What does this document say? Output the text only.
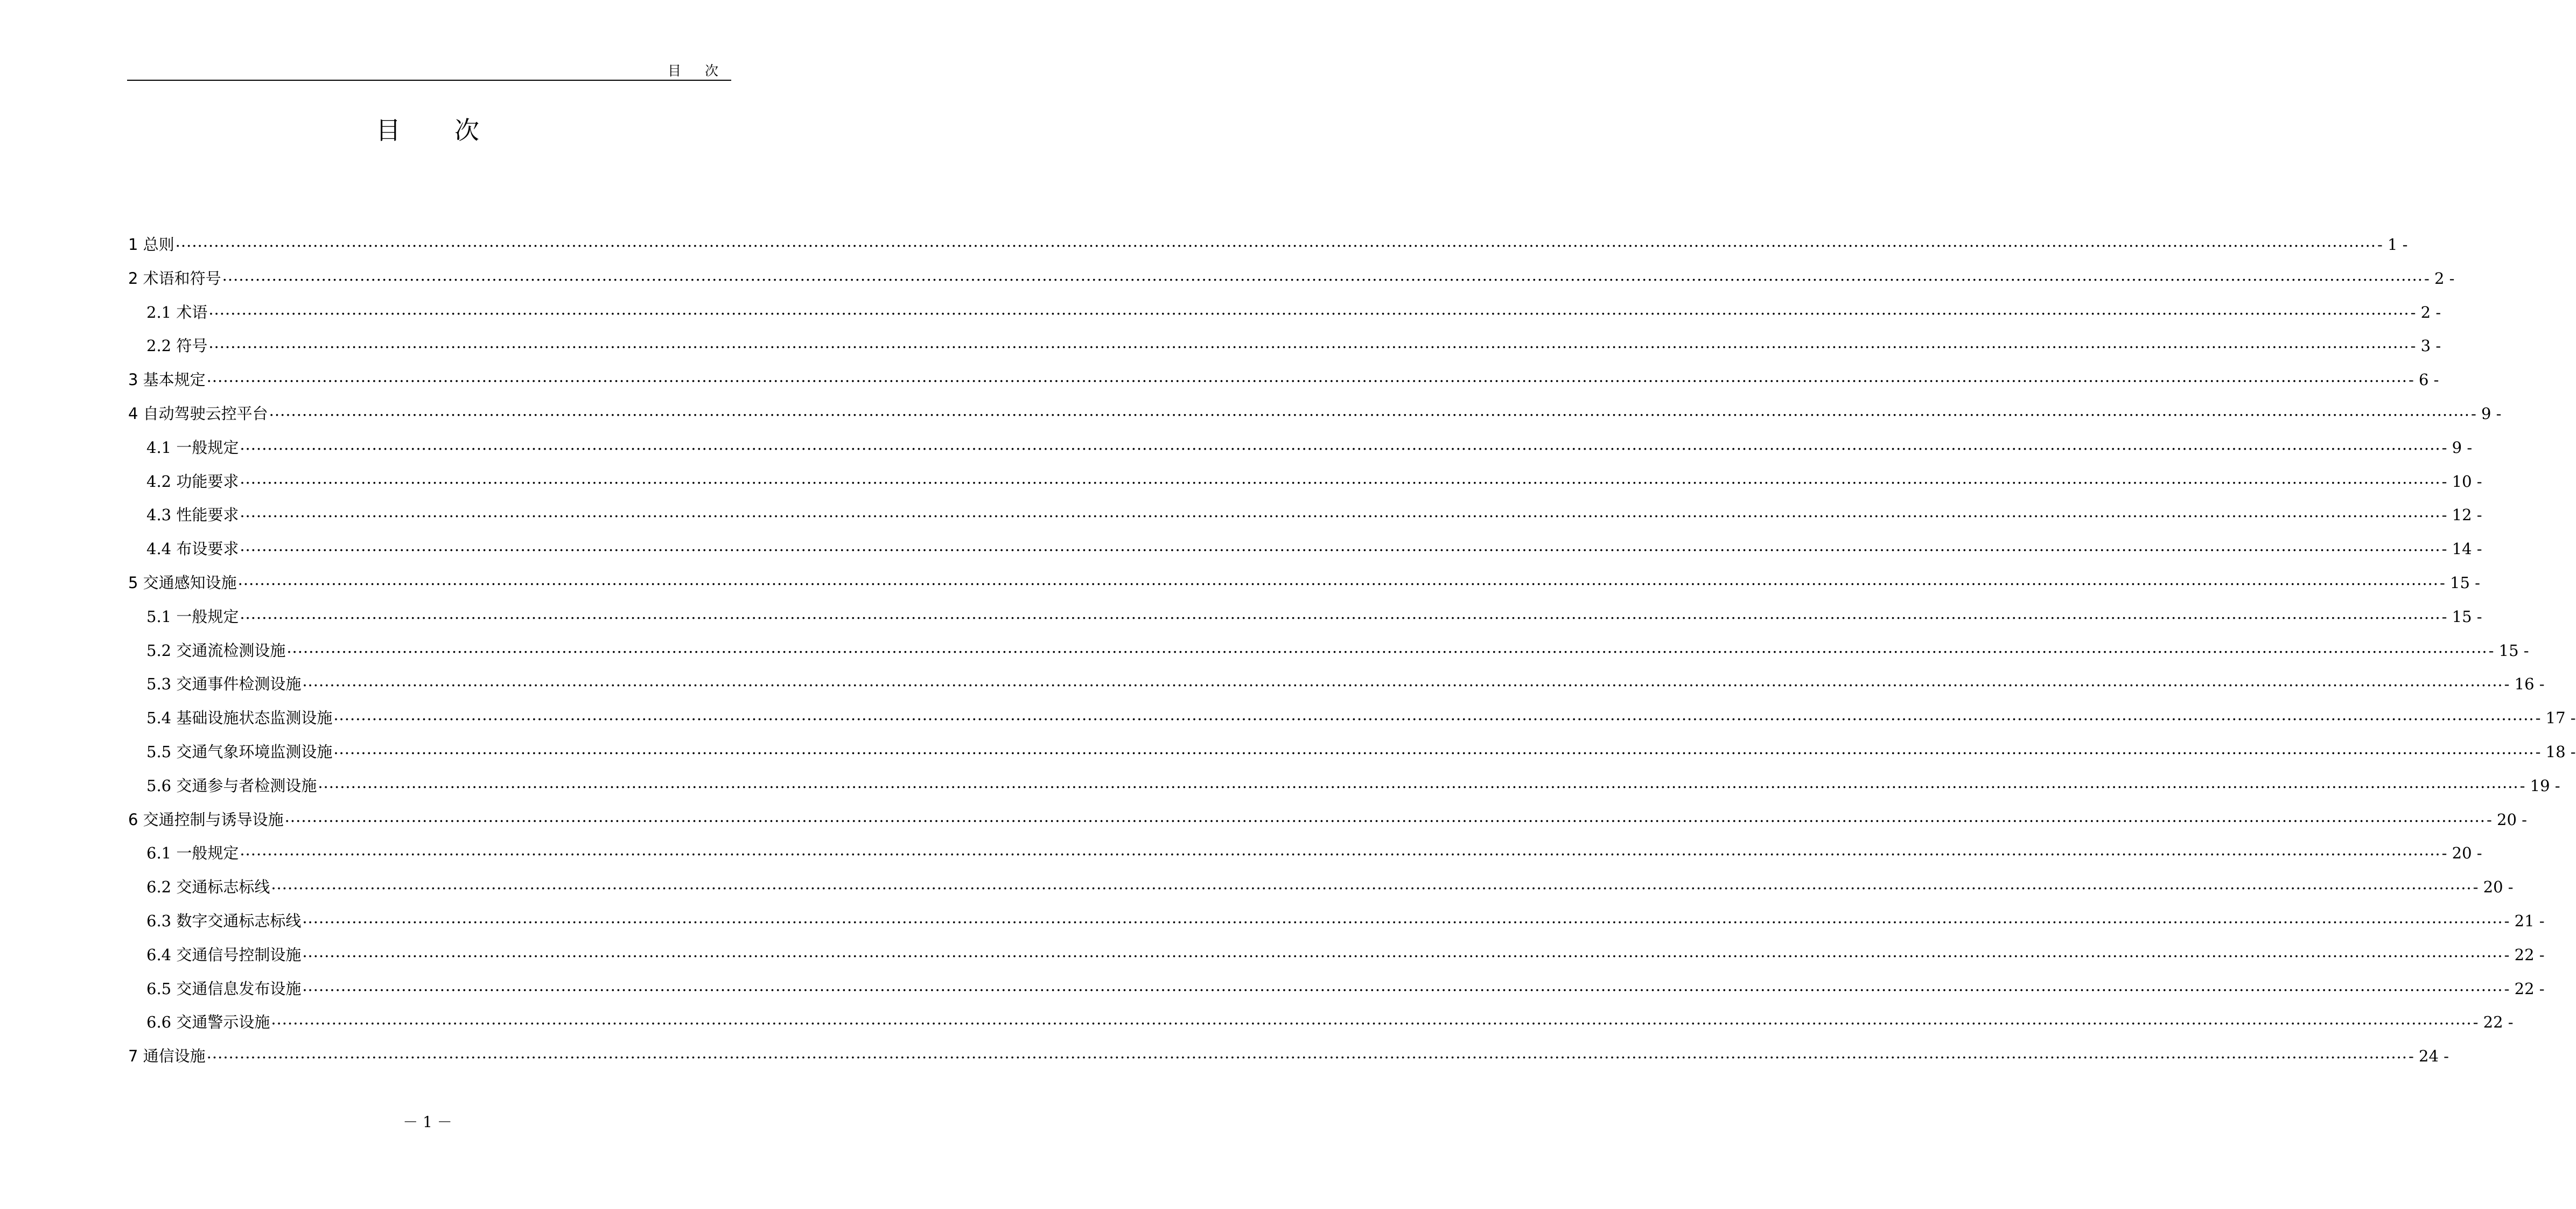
目 次
目次
1 总则 ................................................................................................................................................................................................................................................................................................................................................................................................................ - 1 -
2 术语和符号 ................................................................................................................................................................................................................................................................................................................................................................................................................ - 2 -
2.1 术语 ................................................................................................................................................................................................................................................................................................................................................................................................................ - 2 -
2.2 符号 ................................................................................................................................................................................................................................................................................................................................................................................................................ - 3 -
3 基本规定 ................................................................................................................................................................................................................................................................................................................................................................................................................ - 6 -
4 自动驾驶云控平台 ................................................................................................................................................................................................................................................................................................................................................................................................................ - 9 -
4.1 一般规定 ................................................................................................................................................................................................................................................................................................................................................................................................................ - 9 -
4.2 功能要求 ................................................................................................................................................................................................................................................................................................................................................................................................................ - 10 -
4.3 性能要求 ................................................................................................................................................................................................................................................................................................................................................................................................................ - 12 -
4.4 布设要求 ................................................................................................................................................................................................................................................................................................................................................................................................................ - 14 -
5 交通感知设施 ................................................................................................................................................................................................................................................................................................................................................................................................................ - 15 -
5.1 一般规定 ................................................................................................................................................................................................................................................................................................................................................................................................................ - 15 -
5.2 交通流检测设施 ................................................................................................................................................................................................................................................................................................................................................................................................................ - 15 -
5.3 交通事件检测设施 ................................................................................................................................................................................................................................................................................................................................................................................................................ - 16 -
5.4 基础设施状态监测设施 ................................................................................................................................................................................................................................................................................................................................................................................................................ - 17 -
5.5 交通气象环境监测设施 ................................................................................................................................................................................................................................................................................................................................................................................................................ - 18 -
5.6 交通参与者检测设施 ................................................................................................................................................................................................................................................................................................................................................................................................................ - 19 -
6 交通控制与诱导设施 ................................................................................................................................................................................................................................................................................................................................................................................................................ - 20 -
6.1 一般规定 ................................................................................................................................................................................................................................................................................................................................................................................................................ - 20 -
6.2 交通标志标线 ................................................................................................................................................................................................................................................................................................................................................................................................................ - 20 -
6.3 数字交通标志标线 ................................................................................................................................................................................................................................................................................................................................................................................................................ - 21 -
6.4 交通信号控制设施 ................................................................................................................................................................................................................................................................................................................................................................................................................ - 22 -
6.5 交通信息发布设施 ................................................................................................................................................................................................................................................................................................................................................................................................................ - 22 -
6.6 交通警示设施 ................................................................................................................................................................................................................................................................................................................................................................................................................ - 22 -
7 通信设施 ................................................................................................................................................................................................................................................................................................................................................................................................................ - 24 -
－ 1 －
